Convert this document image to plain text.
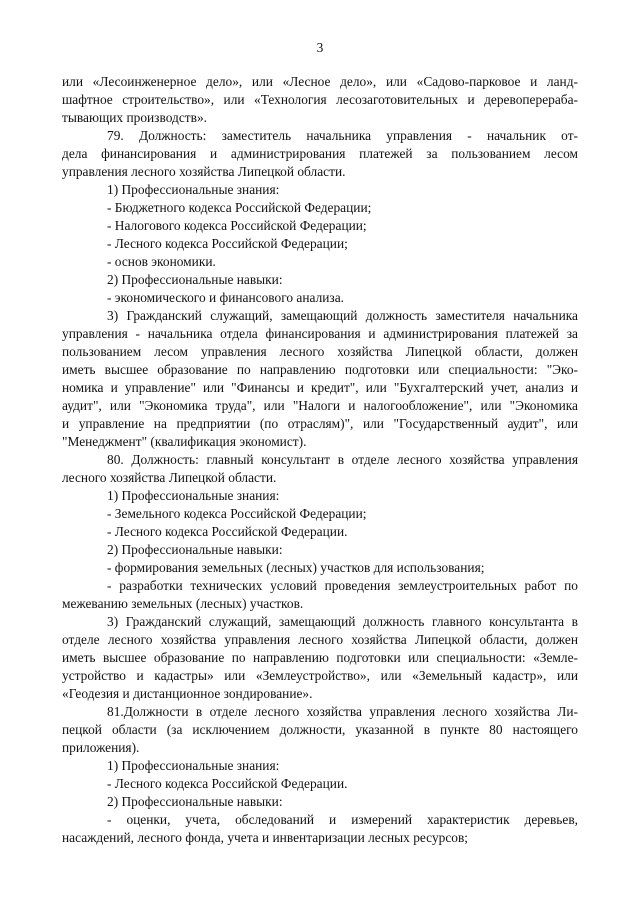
3
или «Лесоинженерное дело», или «Лесное дело», или «Садово-парковое и ланд-
шафтное строительство», или «Технология лесозаготовительных и деревоперераба-
тывающих производств».
79. Должность: заместитель начальника управления - начальник от-
дела финансирования и администрирования платежей за пользованием лесом
управления лесного хозяйства Липецкой области.
1) Профессиональные знания:
- Бюджетного кодекса Российской Федерации;
- Налогового кодекса Российской Федерации;
- Лесного кодекса Российской Федерации;
- основ экономики.
2) Профессиональные навыки:
- экономического и финансового анализа.
3) Гражданский служащий, замещающий должность заместителя начальника
управления - начальника отдела финансирования и администрирования платежей за
пользованием лесом управления лесного хозяйства Липецкой области, должен
иметь высшее образование по направлению подготовки или специальности: "Эко-
номика и управление" или "Финансы и кредит", или "Бухгалтерский учет, анализ и
аудит", или "Экономика труда", или "Налоги и налогообложение", или "Экономика
и управление на предприятии (по отраслям)", или "Государственный аудит", или
"Менеджмент" (квалификация экономист).
80. Должность: главный консультант в отделе лесного хозяйства управления
лесного хозяйства Липецкой области.
1) Профессиональные знания:
- Земельного кодекса Российской Федерации;
- Лесного кодекса Российской Федерации.
2) Профессиональные навыки:
- формирования земельных (лесных) участков для использования;
- разработки технических условий проведения землеустроительных работ по
межеванию земельных (лесных) участков.
3) Гражданский служащий, замещающий должность главного консультанта в
отделе лесного хозяйства управления лесного хозяйства Липецкой области, должен
иметь высшее образование по направлению подготовки или специальности: «Земле-
устройство и кадастры» или «Землеустройство», или «Земельный кадастр», или
«Геодезия и дистанционное зондирование».
81.Должности в отделе лесного хозяйства управления лесного хозяйства Ли-
пецкой области (за исключением должности, указанной в пункте 80 настоящего
приложения).
1) Профессиональные знания:
- Лесного кодекса Российской Федерации.
2) Профессиональные навыки:
- оценки, учета, обследований и измерений характеристик деревьев,
насаждений, лесного фонда, учета и инвентаризации лесных ресурсов;
